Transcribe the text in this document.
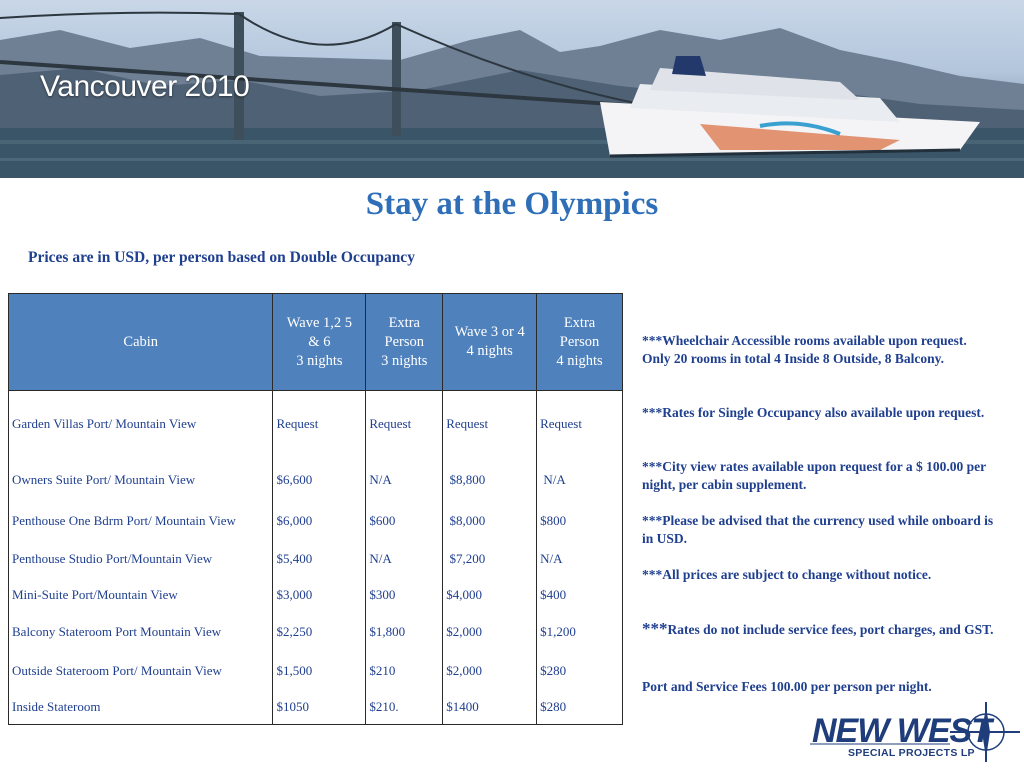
Vancouver 2010
Stay at the Olympics
Prices are in USD, per person based on Double Occupancy
Cabin	Wave 1,2 5
& 6
3 nights	Extra
Person
3 nights	Wave 3 or 4
4 nights	Extra
Person
4 nights
Garden Villas Port/ Mountain View	Request	Request	Request	Request
Owners Suite Port/ Mountain View	$6,600	N/A	$8,800	N/A
Penthouse One Bdrm Port/ Mountain View	$6,000	$600	$8,000	$800
Penthouse Studio Port/Mountain View	$5,400	N/A	$7,200	N/A
Mini-Suite Port/Mountain View	$3,000	$300	$4,000	$400
Balcony Stateroom Port Mountain View	$2,250	$1,800	$2,000	$1,200
Outside Stateroom Port/ Mountain View	$1,500	$210	$2,000	$280
Inside Stateroom	$1050	$210.	$1400	$280

***Wheelchair Accessible rooms available upon request. Only 20 rooms in total 4 Inside 8 Outside, 8 Balcony.

***Rates for Single Occupancy also available upon request.

***City view rates available upon request for a $ 100.00 per night, per cabin supplement.

***Please be advised that the currency used while onboard is in USD.

***All prices are subject to change without notice.

***Rates do not include service fees, port charges, and GST.

Port and Service Fees 100.00 per person per night.

NEW WEST
SPECIAL PROJECTS LP
